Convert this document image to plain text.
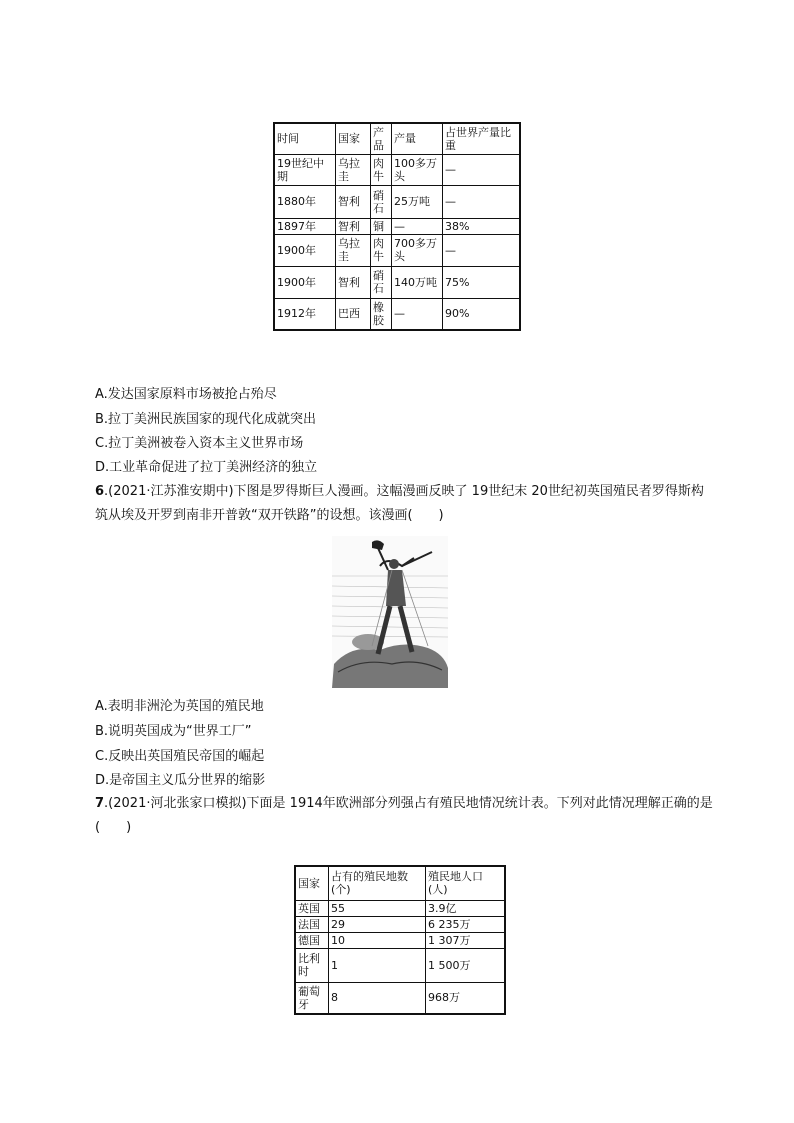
时间	国家	产品	产量	占世界产量比重
19世纪中期	乌拉圭	肉牛	100多万头	—
1880年	智利	硝石	25万吨	—
1897年	智利	铜	—	38%
1900年	乌拉圭	肉牛	700多万头	—
1900年	智利	硝石	140万吨	75%
1912年	巴西	橡胶	—	90%
A.发达国家原料市场被抢占殆尽
B.拉丁美洲民族国家的现代化成就突出
C.拉丁美洲被卷入资本主义世界市场
D.工业革命促进了拉丁美洲经济的独立
6.(2021·江苏淮安期中)下图是罗得斯巨人漫画。这幅漫画反映了 19世纪末 20世纪初英国殖民者罗得斯构筑从埃及开罗到南非开普敦“双开铁路”的设想。该漫画( )
A.表明非洲沦为英国的殖民地
B.说明英国成为“世界工厂”
C.反映出英国殖民帝国的崛起
D.是帝国主义瓜分世界的缩影
7.(2021·河北张家口模拟)下面是 1914年欧洲部分列强占有殖民地情况统计表。下列对此情况理解正确的是( )
国家	占有的殖民地数(个)	殖民地人口(人)
英国	55	3.9亿
法国	29	6 235万
德国	10	1 307万
比利时	1	1 500万
葡萄牙	8	968万
